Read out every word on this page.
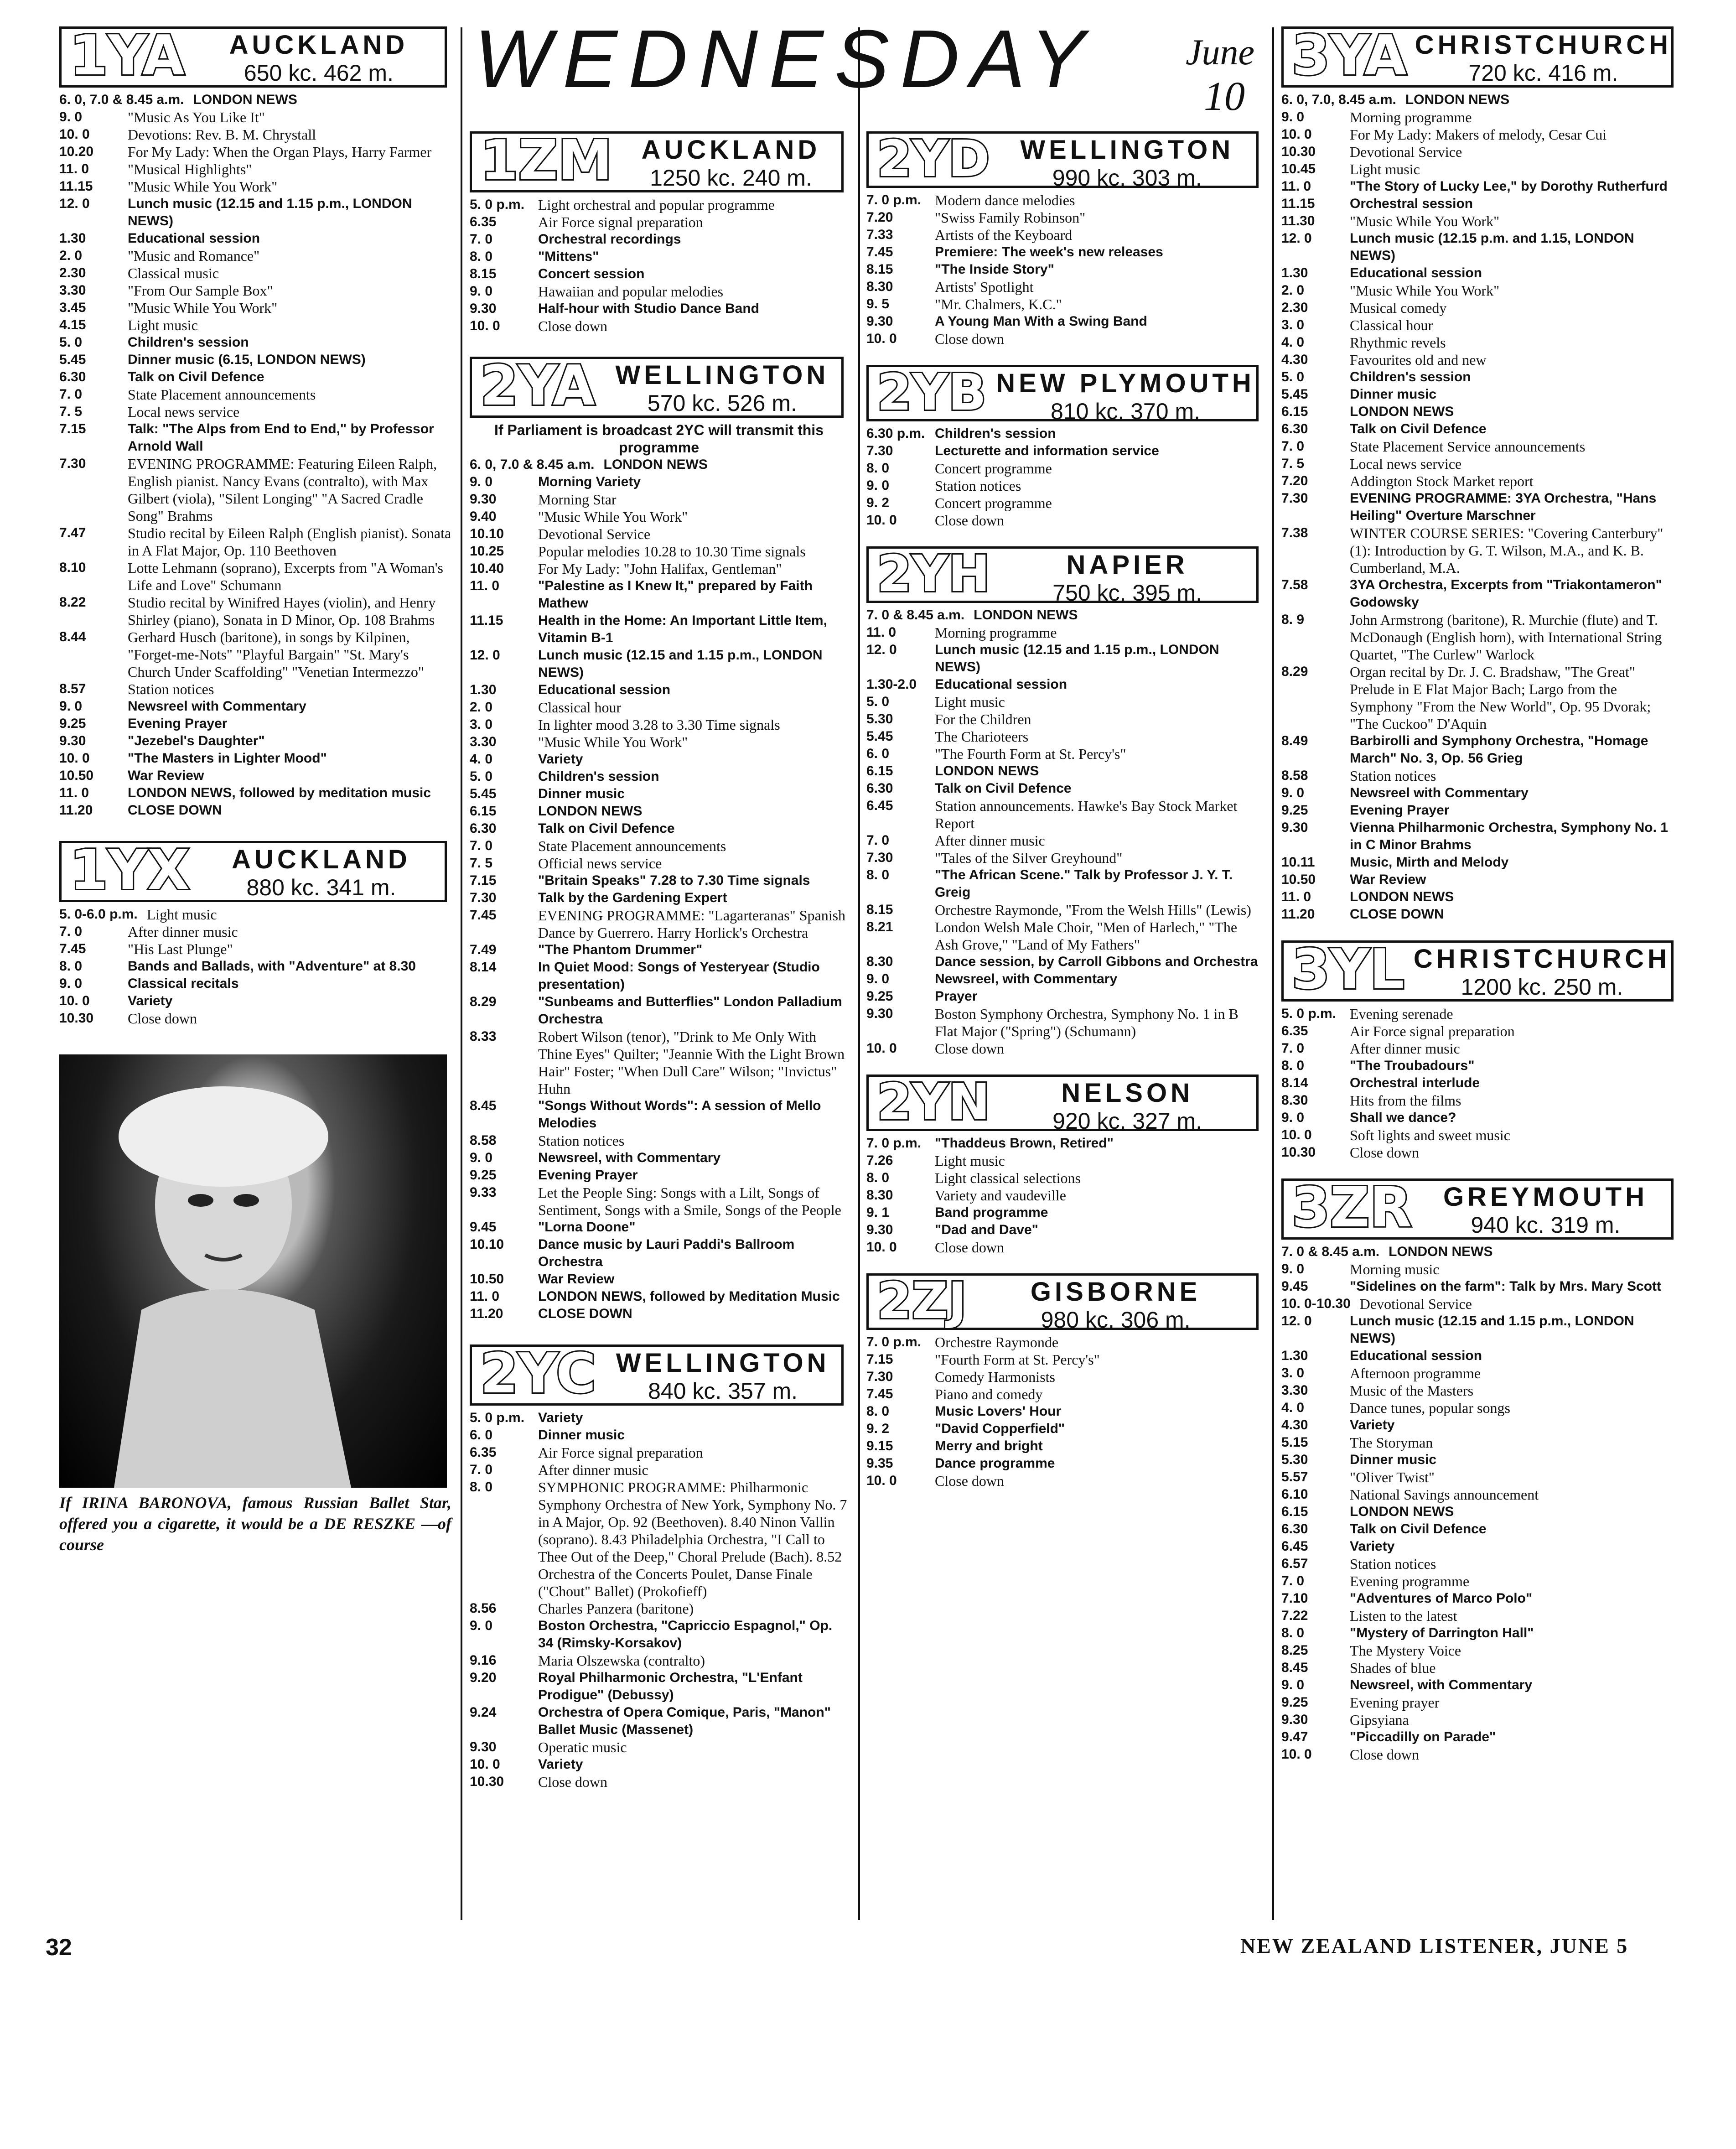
WEDNESDAY June
10
1YA	AUCKLAND
650 kc. 462 m.
6. 0, 7.0 & 8.45 a.m. LONDON NEWS
9. 0	"Music As You Like It"
10. 0	Devotions: Rev. B. M. Chrystall
10.20	For My Lady: When the Organ Plays, Harry Farmer
11. 0	"Musical Highlights"
11.15	"Music While You Work"
12. 0	Lunch music (12.15 and 1.15 p.m., LONDON NEWS)
1.30	Educational session
2. 0	"Music and Romance"
2.30	Classical music
3.30	"From Our Sample Box"
3.45	"Music While You Work"
4.15	Light music
5. 0	Children's session
5.45	Dinner music (6.15, LONDON NEWS)
6.30	Talk on Civil Defence
7. 0	State Placement announcements
7. 5	Local news service
7.15	Talk: "The Alps from End to End," by Professor Arnold Wall
7.30	EVENING PROGRAMME: Featuring Eileen Ralph, English pianist. Nancy Evans (contralto), with Max Gilbert (viola), "Silent Longing" "A Sacred Cradle Song" Brahms
7.47	Studio recital by Eileen Ralph (English pianist). Sonata in A Flat Major, Op. 110 Beethoven
8.10	Lotte Lehmann (soprano), Excerpts from "A Woman's Life and Love" Schumann
8.22	Studio recital by Winifred Hayes (violin), and Henry Shirley (piano), Sonata in D Minor, Op. 108 Brahms
8.44	Gerhard Husch (baritone), in songs by Kilpinen, "Forget-me-Nots" "Playful Bargain" "St. Mary's Church Under Scaffolding" "Venetian Intermezzo"
8.57	Station notices
9. 0	Newsreel with Commentary
9.25	Evening Prayer
9.30	"Jezebel's Daughter"
10. 0	"The Masters in Lighter Mood"
10.50	War Review
11. 0	LONDON NEWS, followed by meditation music
11.20	CLOSE DOWN
1YX	AUCKLAND
880 kc. 341 m.
5. 0-6.0 p.m. Light music
7. 0	After dinner music
7.45	"His Last Plunge"
8. 0	Bands and Ballads, with "Adventure" at 8.30
9. 0	Classical recitals
10. 0	Variety
10.30	Close down
If IRINA BARONOVA, famous Russian Ballet Star, offered you a cigarette, it would be a DE RESZKE —of course
1ZM	AUCKLAND
1250 kc. 240 m.
5. 0 p.m. Light orchestral and popular programme
6.35	Air Force signal preparation
7. 0	Orchestral recordings
8. 0	"Mittens"
8.15	Concert session
9. 0	Hawaiian and popular melodies
9.30	Half-hour with Studio Dance Band
10. 0	Close down
2YA WELLINGTON
570 kc. 526 m.
If Parliament is broadcast 2YC will transmit this programme
6. 0, 7.0 & 8.45 a.m. LONDON NEWS
9. 0	Morning Variety
9.30	Morning Star
9.40	"Music While You Work"
10.10	Devotional Service
10.25	Popular melodies 10.28 to 10.30 Time signals
10.40	For My Lady: "John Halifax, Gentleman"
11. 0	"Palestine as I Knew It," prepared by Faith Mathew
11.15	Health in the Home: An Important Little Item, Vitamin B-1
12. 0	Lunch music (12.15 and 1.15 p.m., LONDON NEWS)
1.30	Educational session
2. 0	Classical hour
3. 0	In lighter mood 3.28 to 3.30 Time signals
3.30	"Music While You Work"
4. 0	Variety
5. 0	Children's session
5.45	Dinner music
6.15	LONDON NEWS
6.30	Talk on Civil Defence
7. 0	State Placement announcements
7. 5	Official news service
7.15	"Britain Speaks" 7.28 to 7.30 Time signals
7.30	Talk by the Gardening Expert
7.45	EVENING PROGRAMME: "Lagarteranas" Spanish Dance by Guerrero. Harry Horlick's Orchestra
7.49	"The Phantom Drummer"
8.14	In Quiet Mood: Songs of Yesteryear (Studio presentation)
8.29	"Sunbeams and Butterflies" London Palladium Orchestra
8.33	Robert Wilson (tenor), "Drink to Me Only With Thine Eyes" Quilter; "Jeannie With the Light Brown Hair" Foster; "When Dull Care" Wilson; "Invictus" Huhn
8.45	"Songs Without Words": A session of Mello Melodies
8.58	Station notices
9. 0	Newsreel, with Commentary
9.25	Evening Prayer
9.33	Let the People Sing: Songs with a Lilt, Songs of Sentiment, Songs with a Smile, Songs of the People
9.45	"Lorna Doone"
10.10	Dance music by Lauri Paddi's Ballroom Orchestra
10.50	War Review
11. 0	LONDON NEWS, followed by Meditation Music
11.20	CLOSE DOWN
2YC WELLINGTON
840 kc. 357 m.
5. 0 p.m. Variety
6. 0	Dinner music
6.35	Air Force signal preparation
7. 0	After dinner music
8. 0	SYMPHONIC PROGRAMME: Philharmonic Symphony Orchestra of New York, Symphony No. 7 in A Major, Op. 92 (Beethoven). 8.40 Ninon Vallin (soprano). 8.43 Philadelphia Orchestra, "I Call to Thee Out of the Deep," Choral Prelude (Bach). 8.52 Orchestra of the Concerts Poulet, Danse Finale ("Chout" Ballet) (Prokofieff)
8.56	Charles Panzera (baritone)
9. 0	Boston Orchestra, "Capriccio Espagnol," Op. 34 (Rimsky-Korsakov)
9.16	Maria Olszewska (contralto)
9.20	Royal Philharmonic Orchestra, "L'Enfant Prodigue" (Debussy)
9.24	Orchestra of Opera Comique, Paris, "Manon" Ballet Music (Massenet)
9.30	Operatic music
10. 0	Variety
10.30	Close down
2YD	WELLINGTON
990 kc. 303 m.
7. 0 p.m. Modern dance melodies
7.20	"Swiss Family Robinson"
7.33	Artists of the Keyboard
7.45	Premiere: The week's new releases
8.15	"The Inside Story"
8.30	Artists' Spotlight
9. 5	"Mr. Chalmers, K.C."
9.30	A Young Man With a Swing Band
10. 0	Close down
2YB NEW PLYMOUTH
810 kc. 370 m.
6.30 p.m. Children's session
7.30	Lecturette and information service
8. 0	Concert programme
9. 0	Station notices
9. 2	Concert programme
10. 0	Close down
2YH	NAPIER
750 kc. 395 m.
7. 0 & 8.45 a.m. LONDON NEWS
11. 0	Morning programme
12. 0	Lunch music (12.15 and 1.15 p.m., LONDON NEWS)
1.30-2.0	Educational session
5. 0	Light music
5.30	For the Children
5.45	The Charioteers
6. 0	"The Fourth Form at St. Percy's"
6.15	LONDON NEWS
6.30	Talk on Civil Defence
6.45	Station announcements. Hawke's Bay Stock Market Report
7. 0	After dinner music
7.30	"Tales of the Silver Greyhound"
8. 0	"The African Scene." Talk by Professor J. Y. T. Greig
8.15	Orchestre Raymonde, "From the Welsh Hills" (Lewis)
8.21	London Welsh Male Choir, "Men of Harlech," "The Ash Grove," "Land of My Fathers"
8.30	Dance session, by Carroll Gibbons and Orchestra
9. 0	Newsreel, with Commentary
9.25	Prayer
9.30	Boston Symphony Orchestra, Symphony No. 1 in B Flat Major ("Spring") (Schumann)
10. 0	Close down
2YN	NELSON
920 kc. 327 m.
7. 0 p.m. "Thaddeus Brown, Retired"
7.26	Light music
8. 0	Light classical selections
8.30	Variety and vaudeville
9. 1	Band programme
9.30	"Dad and Dave"
10. 0	Close down
2ZJ	GISBORNE
980 kc. 306 m.
7. 0 p.m. Orchestre Raymonde
7.15	"Fourth Form at St. Percy's"
7.30	Comedy Harmonists
7.45	Piano and comedy
8. 0	Music Lovers' Hour
9. 2	"David Copperfield"
9.15	Merry and bright
9.35	Dance programme
10. 0	Close down
3YA CHRISTCHURCH
720 kc. 416 m.
6. 0, 7.0, 8.45 a.m. LONDON NEWS
9. 0	Morning programme
10. 0	For My Lady: Makers of melody, Cesar Cui
10.30	Devotional Service
10.45	Light music
11. 0	"The Story of Lucky Lee," by Dorothy Rutherfurd
11.15	Orchestral session
11.30	"Music While You Work"
12. 0	Lunch music (12.15 p.m. and 1.15, LONDON NEWS)
1.30	Educational session
2. 0	"Music While You Work"
2.30	Musical comedy
3. 0	Classical hour
4. 0	Rhythmic revels
4.30	Favourites old and new
5. 0	Children's session
5.45	Dinner music
6.15	LONDON NEWS
6.30	Talk on Civil Defence
7. 0	State Placement Service announcements
7. 5	Local news service
7.20	Addington Stock Market report
7.30	EVENING PROGRAMME: 3YA Orchestra, "Hans Heiling" Overture Marschner
7.38	WINTER COURSE SERIES: "Covering Canterbury" (1): Introduction by G. T. Wilson, M.A., and K. B. Cumberland, M.A.
7.58	3YA Orchestra, Excerpts from "Triakontameron" Godowsky
8. 9	John Armstrong (baritone), R. Murchie (flute) and T. McDonaugh (English horn), with International String Quartet, "The Curlew" Warlock
8.29	Organ recital by Dr. J. C. Bradshaw, "The Great" Prelude in E Flat Major Bach; Largo from the Symphony "From the New World", Op. 95 Dvorak; "The Cuckoo" D'Aquin
8.49	Barbirolli and Symphony Orchestra, "Homage March" No. 3, Op. 56 Grieg
8.58	Station notices
9. 0	Newsreel with Commentary
9.25	Evening Prayer
9.30	Vienna Philharmonic Orchestra, Symphony No. 1 in C Minor Brahms
10.11	Music, Mirth and Melody
10.50	War Review
11. 0	LONDON NEWS
11.20	CLOSE DOWN
3YL CHRISTCHURCH
1200 kc. 250 m.
5. 0 p.m. Evening serenade
6.35	Air Force signal preparation
7. 0	After dinner music
8. 0	"The Troubadours"
8.14	Orchestral interlude
8.30	Hits from the films
9. 0	Shall we dance?
10. 0	Soft lights and sweet music
10.30	Close down
3ZR	GREYMOUTH
940 kc. 319 m.
7. 0 & 8.45 a.m. LONDON NEWS
9. 0	Morning music
9.45	"Sidelines on the farm": Talk by Mrs. Mary Scott
10. 0-10.30 Devotional Service
12. 0	Lunch music (12.15 and 1.15 p.m., LONDON NEWS)
1.30	Educational session
3. 0	Afternoon programme
3.30	Music of the Masters
4. 0	Dance tunes, popular songs
4.30	Variety
5.15	The Storyman
5.30	Dinner music
5.57	"Oliver Twist"
6.10	National Savings announcement
6.15	LONDON NEWS
6.30	Talk on Civil Defence
6.45	Variety
6.57	Station notices
7. 0	Evening programme
7.10	"Adventures of Marco Polo"
7.22	Listen to the latest
8. 0	"Mystery of Darrington Hall"
8.25	The Mystery Voice
8.45	Shades of blue
9. 0	Newsreel, with Commentary
9.25	Evening prayer
9.30	Gipsyiana
9.47	"Piccadilly on Parade"
10. 0	Close down
32	NEW ZEALAND LISTENER, JUNE 5
